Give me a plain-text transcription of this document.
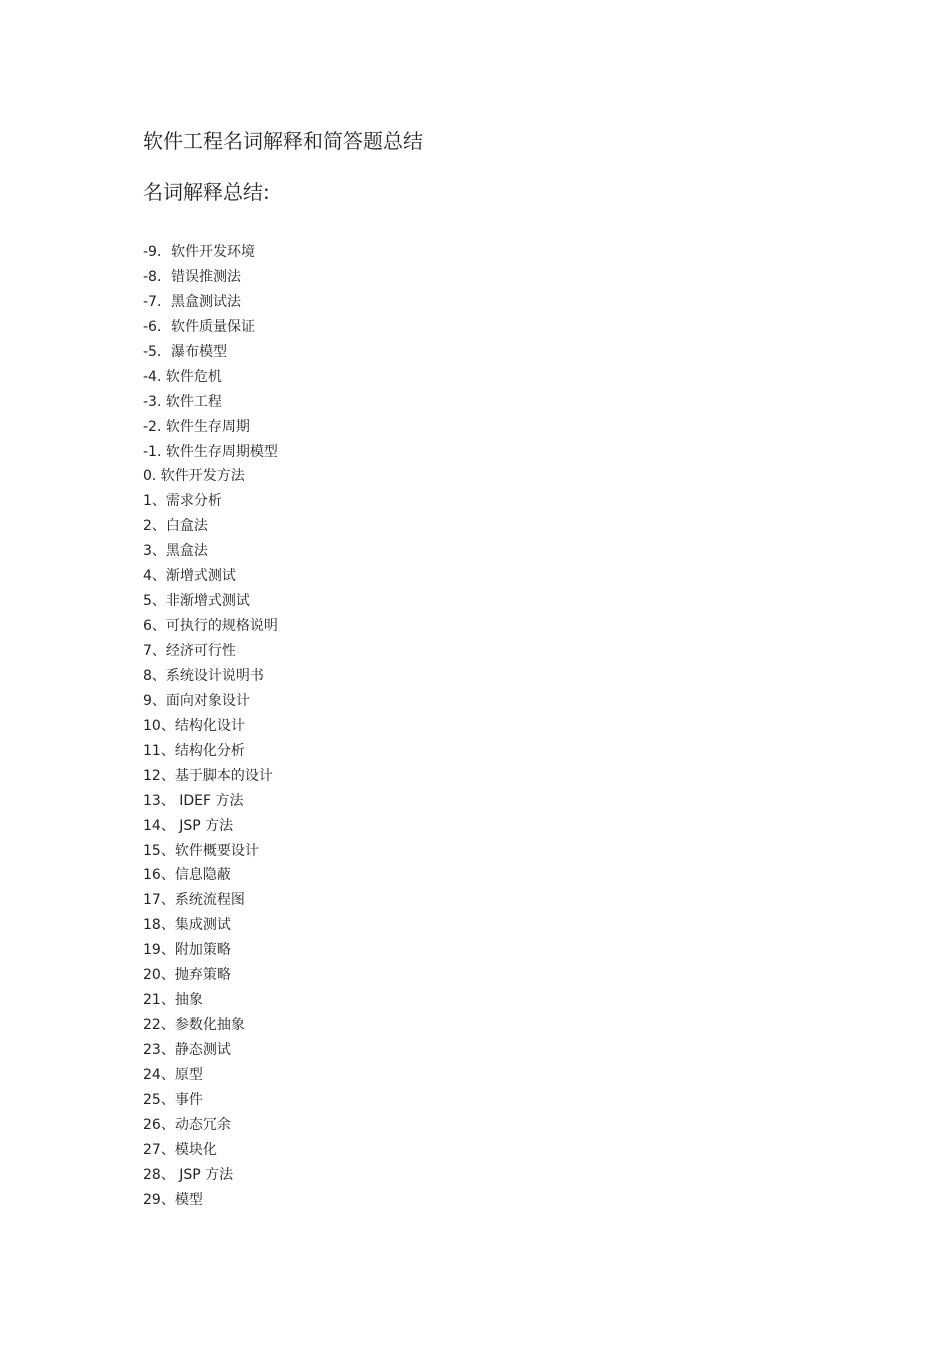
软件工程名词解释和简答题总结
名词解释总结:
-9．软件开发环境
-8．错误推测法
-7．黑盒测试法
-6．软件质量保证
-5．瀑布模型
-4. 软件危机
-3. 软件工程
-2. 软件生存周期
-1. 软件生存周期模型
0. 软件开发方法
1、需求分析
2、白盒法
3、黑盒法
4、渐增式测试
5、非渐增式测试
6、可执行的规格说明
7、经济可行性
8、系统设计说明书
9、面向对象设计
10、结构化设计
11、结构化分析
12、基于脚本的设计
13、 IDEF 方法
14、 JSP 方法
15、软件概要设计
16、信息隐蔽
17、系统流程图
18、集成测试
19、附加策略
20、抛弃策略
21、抽象
22、参数化抽象
23、静态测试
24、原型
25、事件
26、动态冗余
27、模块化
28、 JSP 方法
29、模型
